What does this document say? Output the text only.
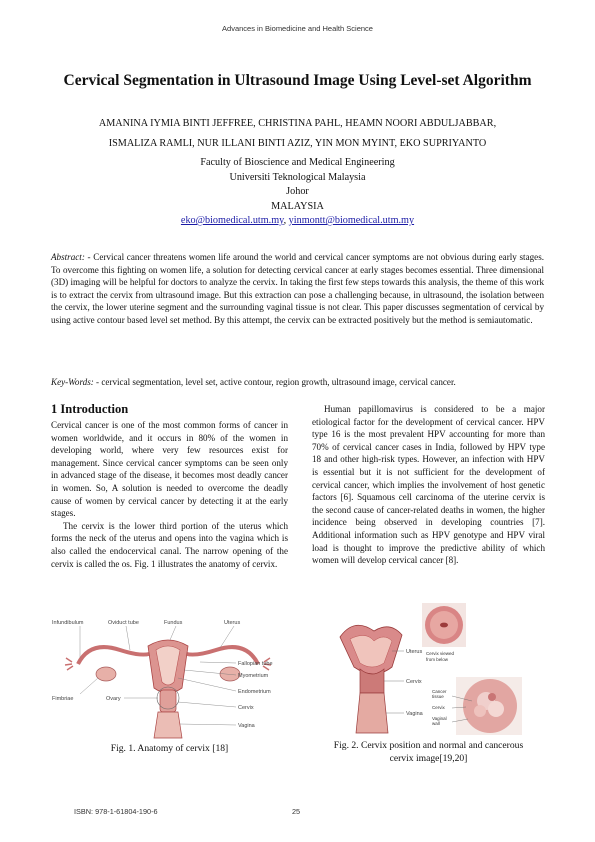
Advances in Biomedicine and Health Science
Cervical Segmentation in Ultrasound Image Using Level-set Algorithm
AMANINA IYMIA BINTI JEFFREE, CHRISTINA PAHL, HEAMN NOORI ABDULJABBAR,
ISMALIZA RAMLI, NUR ILLANI BINTI AZIZ, YIN MON MYINT, EKO SUPRIYANTO
Faculty of Bioscience and Medical Engineering
Universiti Teknological Malaysia
Johor
MALAYSIA
eko@biomedical.utm.my, yinmontt@biomedical.utm.my
Abstract: - Cervical cancer threatens women life around the world and cervical cancer symptoms are not obvious during early stages. To overcome this fighting on women life, a solution for detecting cervical cancer at early stages becomes essential. Three dimensional (3D) imaging will be helpful for doctors to analyze the cervix. In taking the first few steps towards this analysis, the theme of this work is to extract the cervix from ultrasound image. But this extraction can pose a challenging because, in ultrasound, the isolation between the cervix, the lower uterine segment and the surrounding vaginal tissue is not clear. This paper discusses segmentation of cervical by using active contour based level set method. By this attempt, the cervix can be extracted positively but the method is semiautomatic.
Key-Words: - cervical segmentation, level set, active contour, region growth, ultrasound image, cervical cancer.
1 Introduction

Cervical cancer is one of the most common forms of cancer in women worldwide, and it occurs in 80% of the women in developing world, where very few resources exist for management. Since cervical cancer symptoms can be seen only in advanced stage of the disease, it becomes most deadly cancer in women. So, A solution is needed to overcome the deadly cause of women by cervical cancer by detecting it at the early stages.

The cervix is the lower third portion of the uterus which forms the neck of the uterus and opens into the vagina which is also called the endocervical canal. The narrow opening of the cervix is called the os. Fig. 1 illustrates the anatomy of cervix.

Human papillomavirus is considered to be a major etiological factor for the development of cervical cancer. HPV type 16 is the most prevalent HPV accounting for more than 70% of cervical cancer cases in India, followed by HPV type 18 and other high-risk types. However, an infection with HPV is essential but it is not sufficient for the development of cervical cancer, which implies the involvement of host genetic factors [6]. Squamous cell carcinoma of the uterine cervix is the second cause of cancer-related deaths in women, the higher incidence being observed in developing countries [7]. Additional information such as HPV genotype and HPV viral load is thought to improve the predictive ability of which women will develop cervical cancer [8].

Infundibulum	Oviduct tube	Fundus	Uterus
Fallopian tube
Myometrium
Endometrium
Fimbriae	Ovary
Cervix
Vagina
Fig. 1. Anatomy of cervix [18]
Uterus
Cervix
Vagina
Cervix viewed
from below
Cancer
tissue
Cervix
Vaginal
wall
Fig. 2. Cervix position and normal and cancerous
cervix image[19,20]
ISBN: 978-1-61804-190-6	25
